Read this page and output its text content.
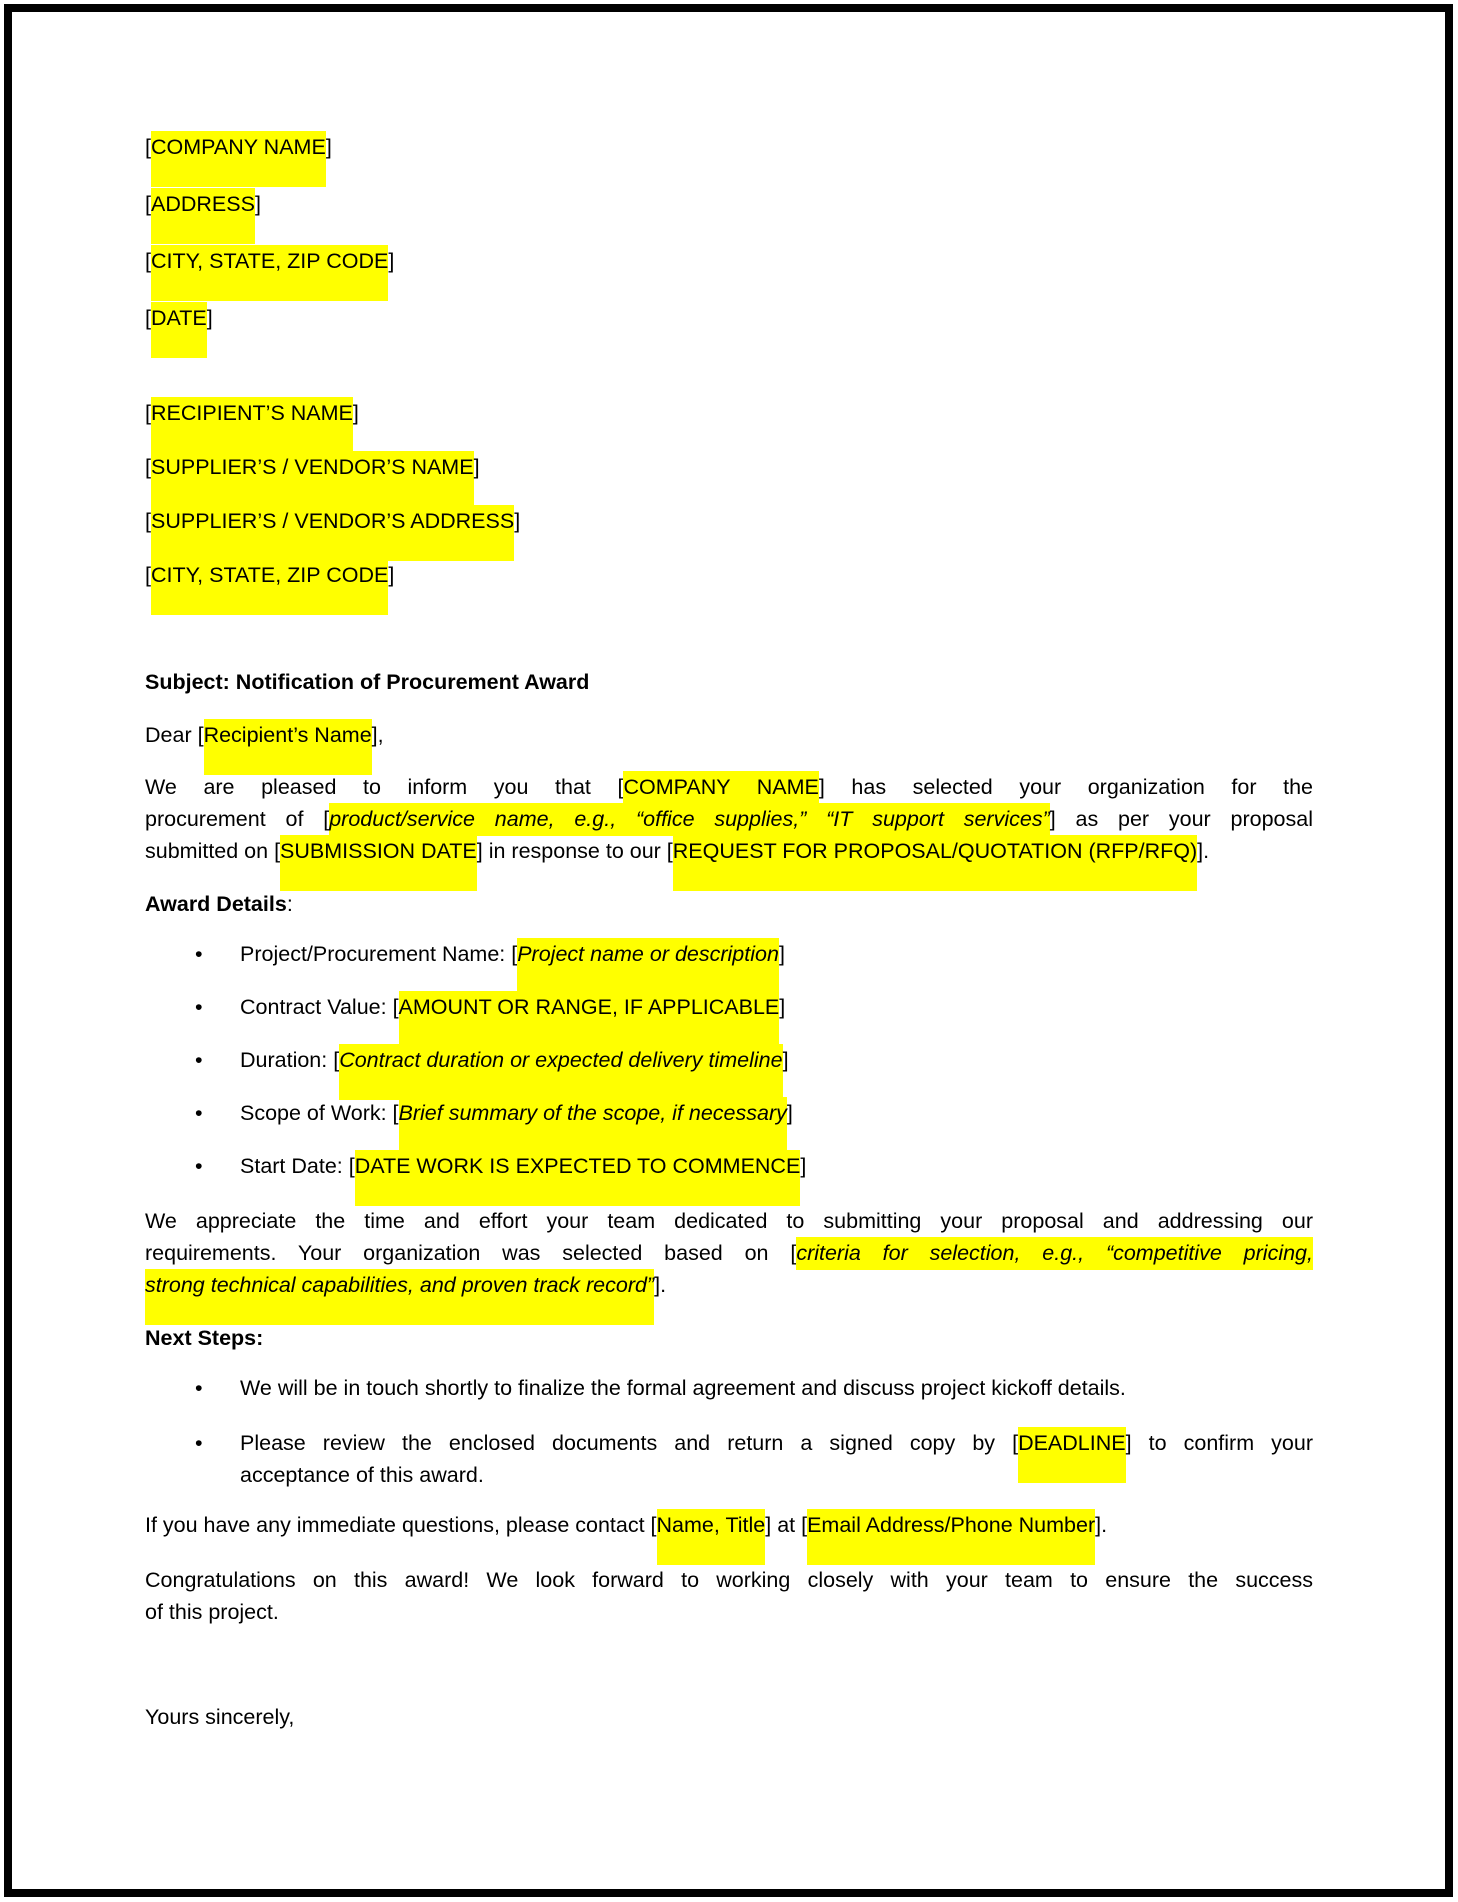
[COMPANY NAME]
[ADDRESS]
[CITY, STATE, ZIP CODE]
[DATE]
[RECIPIENT’S NAME]
[SUPPLIER’S / VENDOR’S NAME]
[SUPPLIER’S / VENDOR’S ADDRESS]
[CITY, STATE, ZIP CODE]
Subject: Notification of Procurement Award
Dear [Recipient’s Name],
We are pleased to inform you that [COMPANY NAME] has selected your organization for the
procurement of [product/service name, e.g., “office supplies,” “IT support services”] as per your proposal
submitted on [SUBMISSION DATE] in response to our [REQUEST FOR PROPOSAL/QUOTATION (RFP/RFQ)].
Award Details:
•	Project/Procurement Name: [Project name or description]
•	Contract Value: [AMOUNT OR RANGE, IF APPLICABLE]
•	Duration: [Contract duration or expected delivery timeline]
•	Scope of Work: [Brief summary of the scope, if necessary]
•	Start Date: [DATE WORK IS EXPECTED TO COMMENCE]
We appreciate the time and effort your team dedicated to submitting your proposal and addressing our
requirements. Your organization was selected based on [criteria for selection, e.g., “competitive pricing,
strong technical capabilities, and proven track record”].
Next Steps:
•	We will be in touch shortly to finalize the formal agreement and discuss project kickoff details.
•	Please review the enclosed documents and return a signed copy by [DEADLINE] to confirm your
acceptance of this award.
If you have any immediate questions, please contact [Name, Title] at [Email Address/Phone Number].
Congratulations on this award! We look forward to working closely with your team to ensure the success
of this project.
Yours sincerely,
